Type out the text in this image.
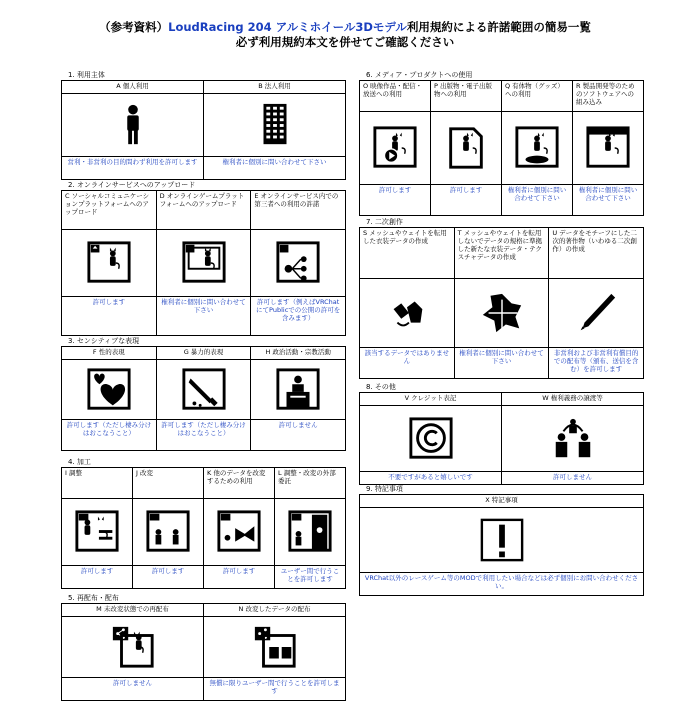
（参考資料）LoudRacing 204 アルミホイール3Dモデル利用規約による許諾範囲の簡易一覧
必ず利用規約本文を併せてご確認ください
1. 利用主体
A 個人利用
営利・非営利の目的問わず利用を許可します
B 法人利用
権利者に個別に問い合わせて下さい
2. オンラインサービスへのアップロード
C ソーシャルコミュニケーションプラットフォームへのアップロード
許可します
D オンラインゲームプラットフォームへのアップロード
権利者に個別に問い合わせて下さい
E オンラインサービス内での第三者への利用の許諾
許可します（例えばVRChatにてPublicでの公開の許可を含みます）
3. センシティブな表現
F 性的表現
許可します（ただし棲み分けはおこなうこと）
G 暴力的表現
許可します（ただし棲み分けはおこなうこと）
H 政治活動・宗教活動
許可しません
4. 加工
I 調整
許可します
J 改変
許可します
K 他のデータを改変するための利用
許可します
L 調整・改変の外部委託
ユーザー間で行うことを許可します
5. 再配布・配布
M 未改変状態での再配布
許可しません
N 改変したデータの配布
無償に限りユーザー間で行うことを許可します
6. メディア・プロダクトへの使用
O 映像作品・配信・放送への利用
許可します
P 出版物・電子出版物への利用
許可します
Q 有体物（グッズ）への利用
権利者に個別に問い合わせて下さい
R 製品開発等のためのソフトウェアへの組み込み
権利者に個別に問い合わせて下さい
7. 二次創作
S メッシュやウェイトを転用した衣装データの作成
該当するデータではありません
T メッシュやウェイトを転用しないでデータの規格に準拠した新たな衣装データ・テクスチャデータの作成
権利者に個別に問い合わせて下さい
U データをモチーフにした二次的著作物（いわゆる二次創作）の作成
非営利および非営利有償目的での配布等（頒布、送信を含む）を許可します
8. その他
V クレジット表記
不要ですがあると嬉しいです
W 権利義務の譲渡等
許可しません
9. 特記事項
X 特記事項
VRChat以外のレースゲーム等のMODで利用したい場合などは必ず個別にお問い合わせください。
